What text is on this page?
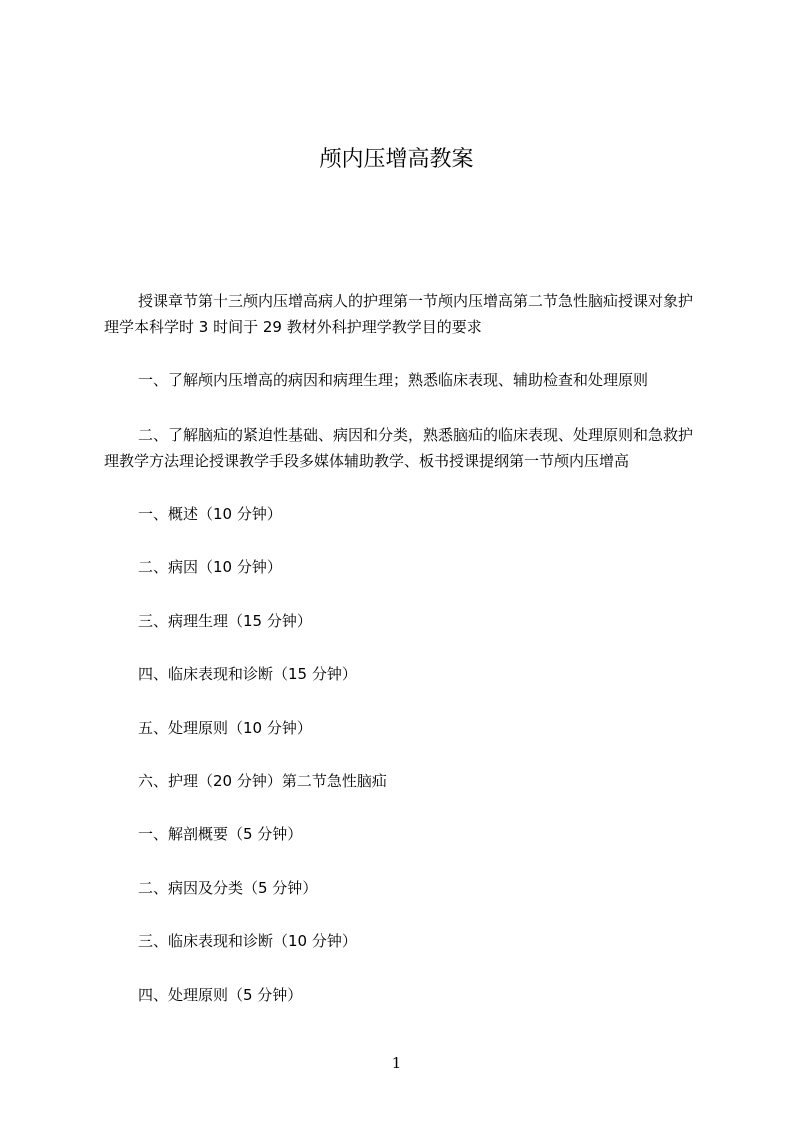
颅内压增高教案
授课章节第十三颅内压增高病人的护理第一节颅内压增高第二节急性脑疝授课对象护理学本科学时 3 时间于 29 教材外科护理学教学目的要求
一、了解颅内压增高的病因和病理生理；熟悉临床表现、辅助检查和处理原则
二、了解脑疝的紧迫性基础、病因和分类，熟悉脑疝的临床表现、处理原则和急救护理教学方法理论授课教学手段多媒体辅助教学、板书授课提纲第一节颅内压增高
一、概述（10 分钟）
二、病因（10 分钟）
三、病理生理（15 分钟）
四、临床表现和诊断（15 分钟）
五、处理原则（10 分钟）
六、护理（20 分钟）第二节急性脑疝
一、解剖概要（5 分钟）
二、病因及分类（5 分钟）
三、临床表现和诊断（10 分钟）
四、处理原则（5 分钟）
1
